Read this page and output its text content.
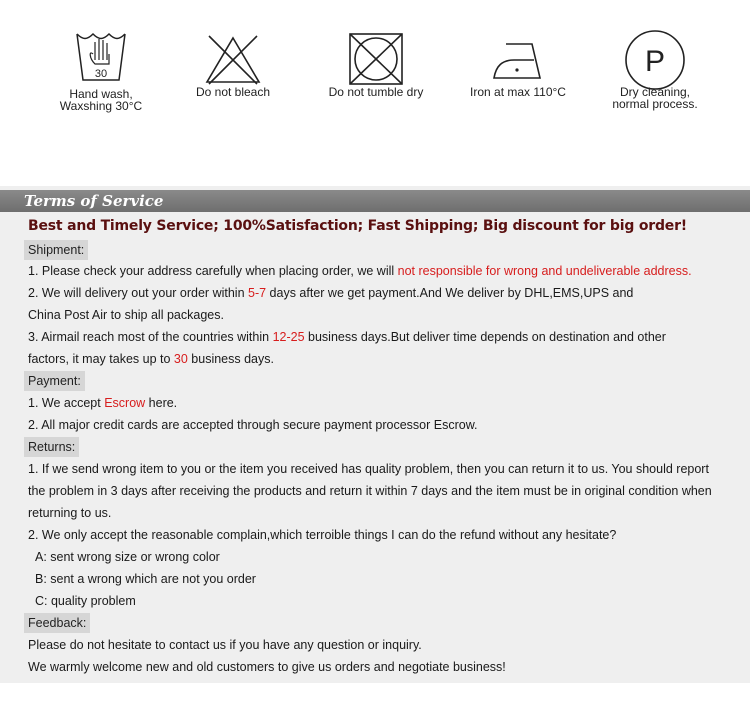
30
Hand wash,
Waxshing 30°C
Do not bleach	Do not tumble dry	Iron at max 110°C
P
Dry cleaning,
normal process.
Terms of Service
Best and Timely Service; 100%Satisfaction; Fast Shipping; Big discount for big order!
Shipment:
1. Please check your address carefully when placing order, we will not responsible for wrong and undeliverable address.
2. We will delivery out your order within 5-7 days after we get payment.And We deliver by DHL,EMS,UPS and
China Post Air to ship all packages.
3. Airmail reach most of the countries within 12-25 business days.But deliver time depends on destination and other
factors, it may takes up to 30 business days.
Payment:
1. We accept Escrow here.
2. All major credit cards are accepted through secure payment processor Escrow.
Returns:
1. If we send wrong item to you or the item you received has quality problem, then you can return it to us. You should report
the problem in 3 days after receiving the products and return it within 7 days and the item must be in original condition when
returning to us.
2. We only accept the reasonable complain,which terroible things I can do the refund without any hesitate?
A: sent wrong size or wrong color
B: sent a wrong which are not you order
C: quality problem
Feedback:
Please do not hesitate to contact us if you have any question or inquiry.
We warmly welcome new and old customers to give us orders and negotiate business!
